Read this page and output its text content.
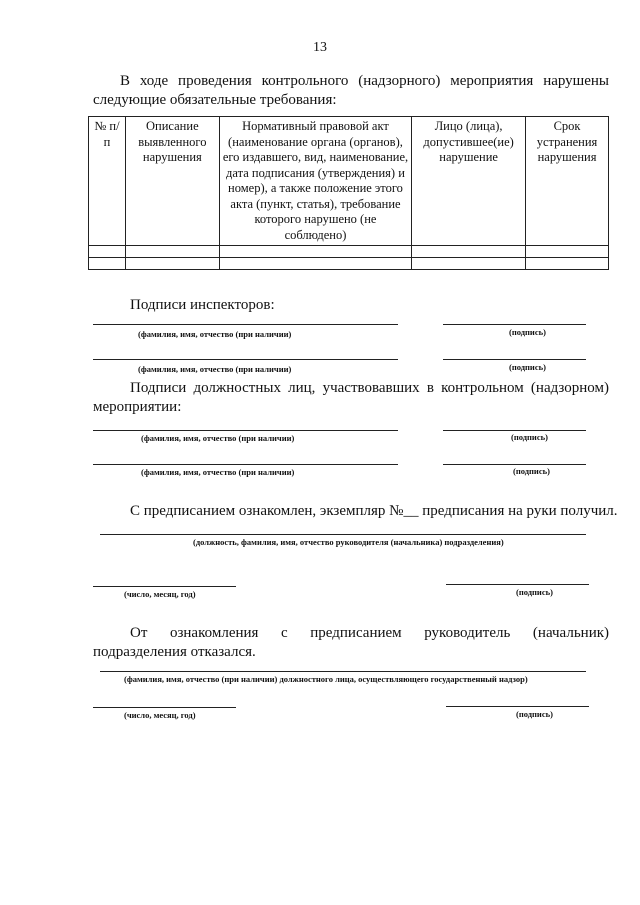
13
В ходе проведения контрольного (надзорного) мероприятия нарушены
следующие обязательные требования:
№ п/п	Описание выявленного нарушения	Нормативный правовой акт (наименование органа (органов), его издавшего, вид, наименование, дата подписания (утверждения) и номер), а также положение этого акта (пункт, статья), требование которого нарушено (не соблюдено)	Лицо (лица), допустившее(ие) нарушение	Срок устранения нарушения

Подписи инспекторов:
(фамилия, имя, отчество (при наличии)	(подпись)
(фамилия, имя, отчество (при наличии)	(подпись)
Подписи должностных лиц, участвовавших в контрольном (надзорном)
мероприятии:
(фамилия, имя, отчество (при наличии)	(подпись)
(фамилия, имя, отчество (при наличии)	(подпись)
С предписанием ознакомлен, экземпляр №__ предписания на руки получил.
(должность, фамилия, имя, отчество руководителя (начальника) подразделения)
(число, месяц, год)	(подпись)
От ознакомления с предписанием руководитель (начальник)
подразделения отказался.
(фамилия, имя, отчество (при наличии) должностного лица, осуществляющего государственный надзор)
(число, месяц, год)	(подпись)
